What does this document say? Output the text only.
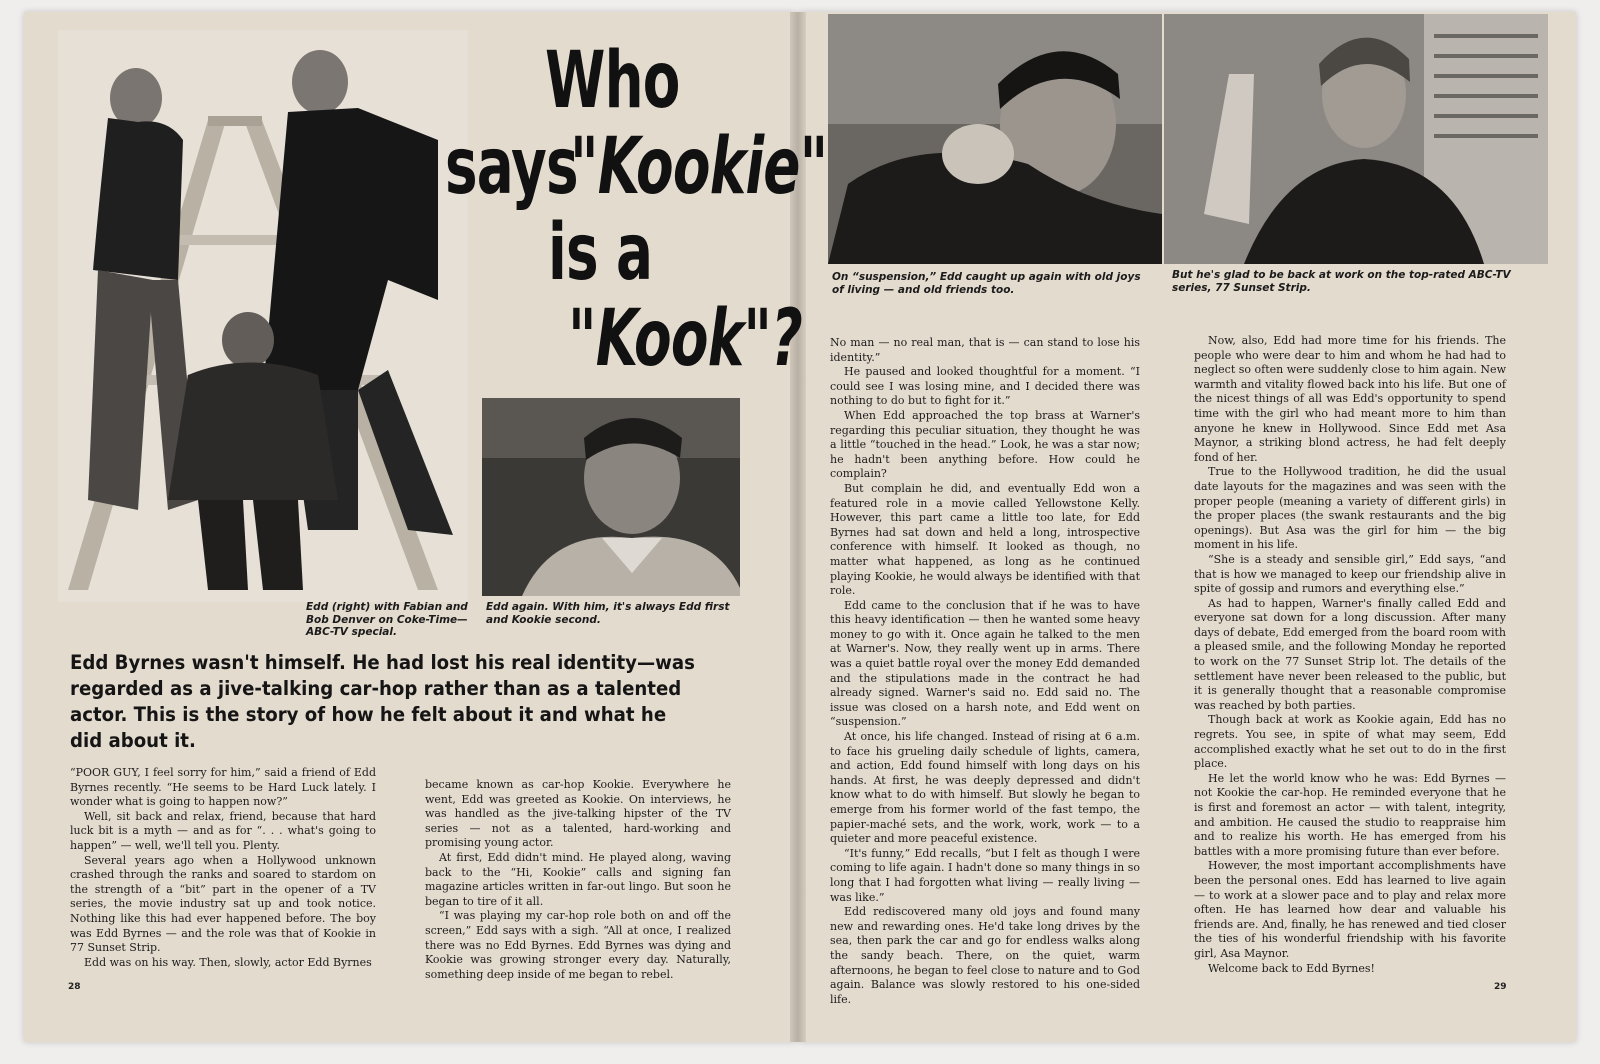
Who
says
"Kookie"
is a
"Kook"?
Edd (right) with Fabian and Bob Denver on Coke-Time— ABC-TV special.
Edd again. With him, it's always Edd first and Kookie second.
Edd Byrnes wasn't himself. He had lost his real identity—was regarded as a jive-talking car-hop rather than as a talented actor. This is the story of how he felt about it and what he did about it.

“POOR GUY, I feel sorry for him,” said a friend of Edd Byrnes recently. “He seems to be Hard Luck lately. I wonder what is going to happen now?”

Well, sit back and relax, friend, because that hard luck bit is a myth — and as for “. . . what's going to happen” — well, we'll tell you. Plenty.

Several years ago when a Hollywood unknown crashed through the ranks and soared to stardom on the strength of a “bit” part in the opener of a TV series, the movie industry sat up and took notice. Nothing like this had ever happened before. The boy was Edd Byrnes — and the role was that of Kookie in 77 Sunset Strip.

Edd was on his way. Then, slowly, actor Edd Byrnes

became known as car-hop Kookie. Everywhere he went, Edd was greeted as Kookie. On interviews, he was handled as the jive-talking hipster of the TV series — not as a talented, hard-working and promising young actor.

At first, Edd didn't mind. He played along, waving back to the “Hi, Kookie” calls and signing fan magazine articles written in far-out lingo. But soon he began to tire of it all.

“I was playing my car-hop role both on and off the screen,” Edd says with a sigh. “All at once, I realized there was no Edd Byrnes. Edd Byrnes was dying and Kookie was growing stronger every day. Naturally, something deep inside of me began to rebel.

28
On “suspension,” Edd caught up again with old joys of living — and old friends too.
But he's glad to be back at work on the top-rated ABC-TV series, 77 Sunset Strip.

No man — no real man, that is — can stand to lose his identity.”

He paused and looked thoughtful for a moment. “I could see I was losing mine, and I decided there was nothing to do but to fight for it.”

When Edd approached the top brass at Warner's regarding this peculiar situation, they thought he was a little “touched in the head.” Look, he was a star now; he hadn't been anything before. How could he complain?

But complain he did, and eventually Edd won a featured role in a movie called Yellowstone Kelly. However, this part came a little too late, for Edd Byrnes had sat down and held a long, introspective conference with himself. It looked as though, no matter what happened, as long as he continued playing Kookie, he would always be identified with that role.

Edd came to the conclusion that if he was to have this heavy identification — then he wanted some heavy money to go with it. Once again he talked to the men at Warner's. Now, they really went up in arms. There was a quiet battle royal over the money Edd demanded and the stipulations made in the contract he had already signed. Warner's said no. Edd said no. The issue was closed on a harsh note, and Edd went on “suspension.”

At once, his life changed. Instead of rising at 6 a.m. to face his grueling daily schedule of lights, camera, and action, Edd found himself with long days on his hands. At first, he was deeply depressed and didn't know what to do with himself. But slowly he began to emerge from his former world of the fast tempo, the papier-maché sets, and the work, work, work — to a quieter and more peaceful existence.

“It's funny,” Edd recalls, “but I felt as though I were coming to life again. I hadn't done so many things in so long that I had forgotten what living — really living — was like.”

Edd rediscovered many old joys and found many new and rewarding ones. He'd take long drives by the sea, then park the car and go for endless walks along the sandy beach. There, on the quiet, warm afternoons, he began to feel close to nature and to God again. Balance was slowly restored to his one-sided life.

Now, also, Edd had more time for his friends. The people who were dear to him and whom he had had to neglect so often were suddenly close to him again. New warmth and vitality flowed back into his life. But one of the nicest things of all was Edd's opportunity to spend time with the girl who had meant more to him than anyone he knew in Hollywood. Since Edd met Asa Maynor, a striking blond actress, he had felt deeply fond of her.

True to the Hollywood tradition, he did the usual date layouts for the magazines and was seen with the proper people (meaning a variety of different girls) in the proper places (the swank restaurants and the big openings). But Asa was the girl for him — the big moment in his life.

“She is a steady and sensible girl,” Edd says, “and that is how we managed to keep our friendship alive in spite of gossip and rumors and everything else.”

As had to happen, Warner's finally called Edd and everyone sat down for a long discussion. After many days of debate, Edd emerged from the board room with a pleased smile, and the following Monday he reported to work on the 77 Sunset Strip lot. The details of the settlement have never been released to the public, but it is generally thought that a reasonable compromise was reached by both parties.

Though back at work as Kookie again, Edd has no regrets. You see, in spite of what may seem, Edd accomplished exactly what he set out to do in the first place.

He let the world know who he was: Edd Byrnes — not Kookie the car-hop. He reminded everyone that he is first and foremost an actor — with talent, integrity, and ambition. He caused the studio to reappraise him and to realize his worth. He has emerged from his battles with a more promising future than ever before.

However, the most important accomplishments have been the personal ones. Edd has learned to live again — to work at a slower pace and to play and relax more often. He has learned how dear and valuable his friends are. And, finally, he has renewed and tied closer the ties of his wonderful friendship with his favorite girl, Asa Maynor.

Welcome back to Edd Byrnes!

29
